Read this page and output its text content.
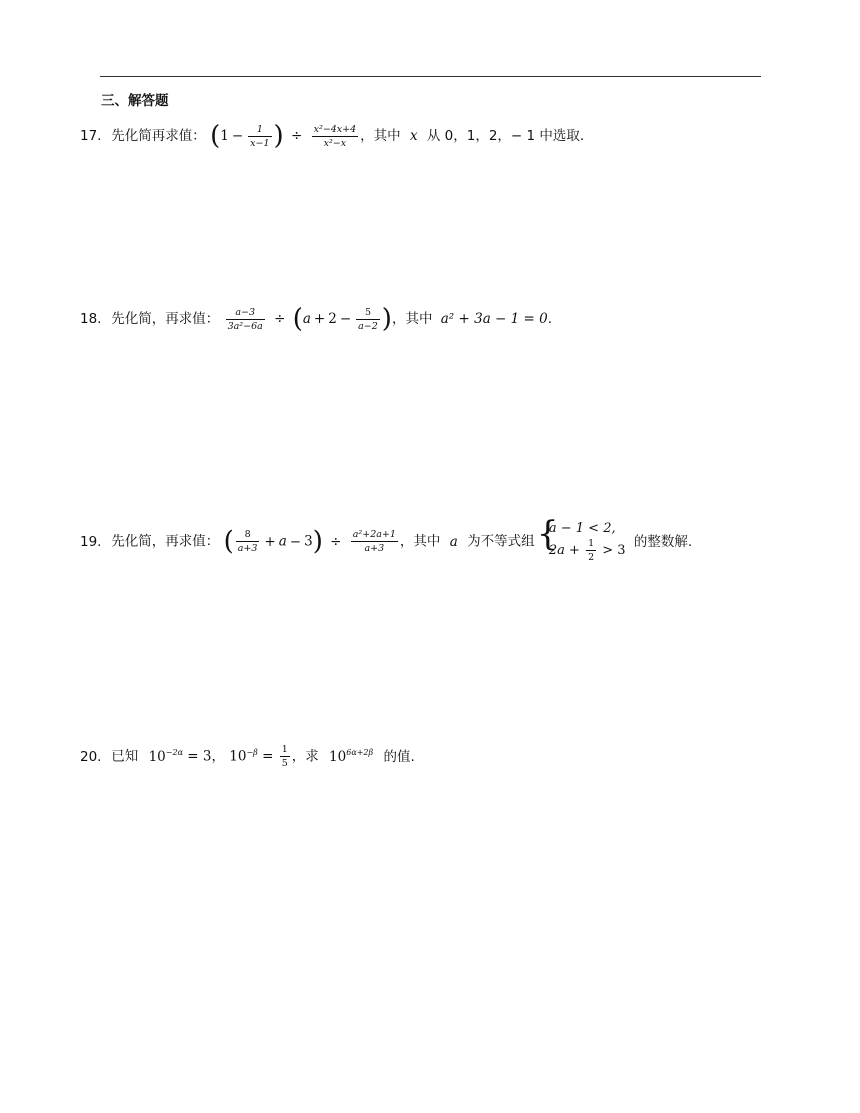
三、解答题
17. 先化简再求值： ($1 - \frac{1}{x-1}$ ) ÷ $\frac{\text{x²−4x+4}}{\text{x²−x}}$ ，其中 x 从 0，1，2，− 1 中选取.
18. 先化简，再求值： $\frac{a-3}{\text{3a²−6a}} \div (a + 2 - \frac{5}{a-2}$ )，其中 a² + 3a − 1 = 0.
19. 先化简，再求值： ( $\frac{8}{a+3} + a - 3) \div \frac{\text{a²+2a+1}}{a+3}$ ，其中 a 为不等式组 {
a − 1 < 2,
$2a + \frac{1}{2} > 3$
的整数解.
20. 已知 $10^{-2\alpha} = 3$， $10^{-\beta} = \frac{1}{5}$ ，求 $10^{6\alpha+2\beta}$ 的值.
